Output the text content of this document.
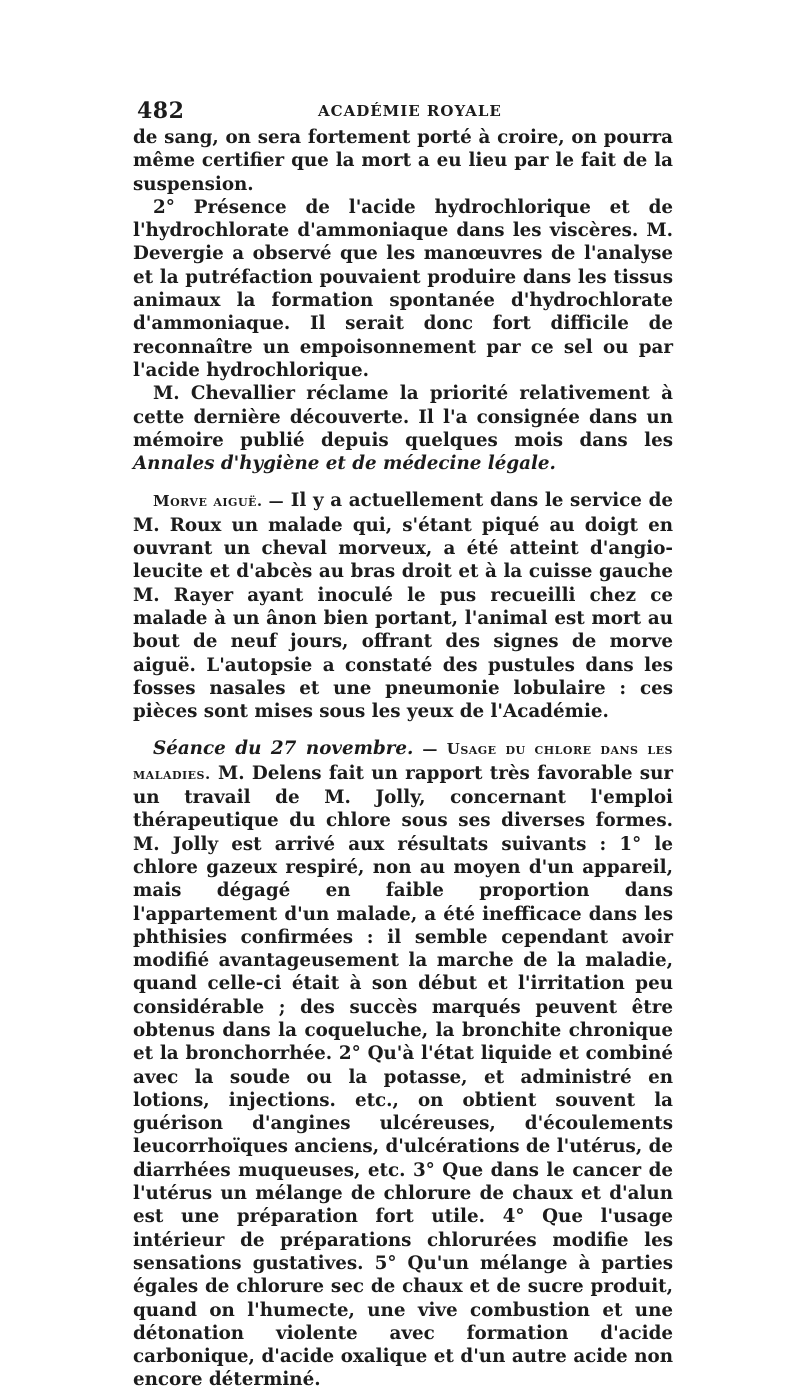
482	ACADÉMIE ROYALE

de sang, on sera fortement porté à croire, on pourra même certifier que la mort a eu lieu par le fait de la suspension.

2° Présence de l'acide hydrochlorique et de l'hydrochlorate d'ammoniaque dans les viscères. M. Devergie a observé que les manœuvres de l'analyse et la putréfaction pouvaient produire dans les tissus animaux la formation spontanée d'hydrochlorate d'ammoniaque. Il serait donc fort difficile de reconnaître un empoisonnement par ce sel ou par l'acide hydrochlorique.

M. Chevallier réclame la priorité relativement à cette dernière découverte. Il l'a consignée dans un mémoire publié depuis quelques mois dans les Annales d'hygiène et de médecine légale.

Morve aiguë. — Il y a actuellement dans le service de M. Roux un malade qui, s'étant piqué au doigt en ouvrant un cheval morveux, a été atteint d'angio-leucite et d'abcès au bras droit et à la cuisse gauche M. Rayer ayant inoculé le pus recueilli chez ce malade à un ânon bien portant, l'animal est mort au bout de neuf jours, offrant des signes de morve aiguë. L'autopsie a constaté des pustules dans les fosses nasales et une pneumonie lobulaire : ces pièces sont mises sous les yeux de l'Académie.

Séance du 27 novembre. — Usage du chlore dans les maladies. M. Delens fait un rapport très favorable sur un travail de M. Jolly, concernant l'emploi thérapeutique du chlore sous ses diverses formes. M. Jolly est arrivé aux résultats suivants : 1° le chlore gazeux respiré, non au moyen d'un appareil, mais dégagé en faible proportion dans l'appartement d'un malade, a été inefficace dans les phthisies confirmées : il semble cependant avoir modifié avantageusement la marche de la maladie, quand celle-ci était à son début et l'irritation peu considérable ; des succès marqués peuvent être obtenus dans la coqueluche, la bronchite chronique et la bronchorrhée. 2° Qu'à l'état liquide et combiné avec la soude ou la potasse, et administré en lotions, injections. etc., on obtient souvent la guérison d'angines ulcéreuses, d'écoulements leucorrhoïques anciens, d'ulcérations de l'utérus, de diarrhées muqueuses, etc. 3° Que dans le cancer de l'utérus un mélange de chlorure de chaux et d'alun est une préparation fort utile. 4° Que l'usage intérieur de préparations chlorurées modifie les sensations gustatives. 5° Qu'un mélange à parties égales de chlorure sec de chaux et de sucre produit, quand on l'humecte, une vive combustion et une détonation violente avec formation d'acide carbonique, d'acide oxalique et d'un autre acide non encore déterminé.
